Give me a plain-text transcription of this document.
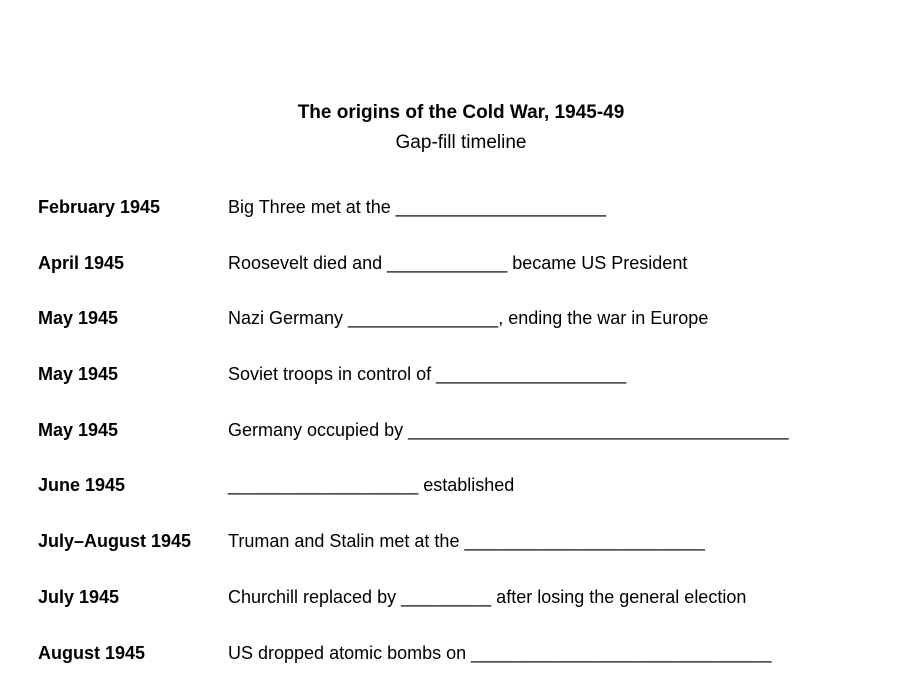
The origins of the Cold War, 1945-49
Gap-fill timeline
February 1945	Big Three met at the _____________________
April 1945	Roosevelt died and ____________ became US President
May 1945	Nazi Germany _______________, ending the war in Europe
May 1945	Soviet troops in control of ___________________
May 1945	Germany occupied by ______________________________________
June 1945	___________________ established
July–August 1945	Truman and Stalin met at the ________________________
July 1945	Churchill replaced by _________ after losing the general election
August 1945	US dropped atomic bombs on ______________________________
